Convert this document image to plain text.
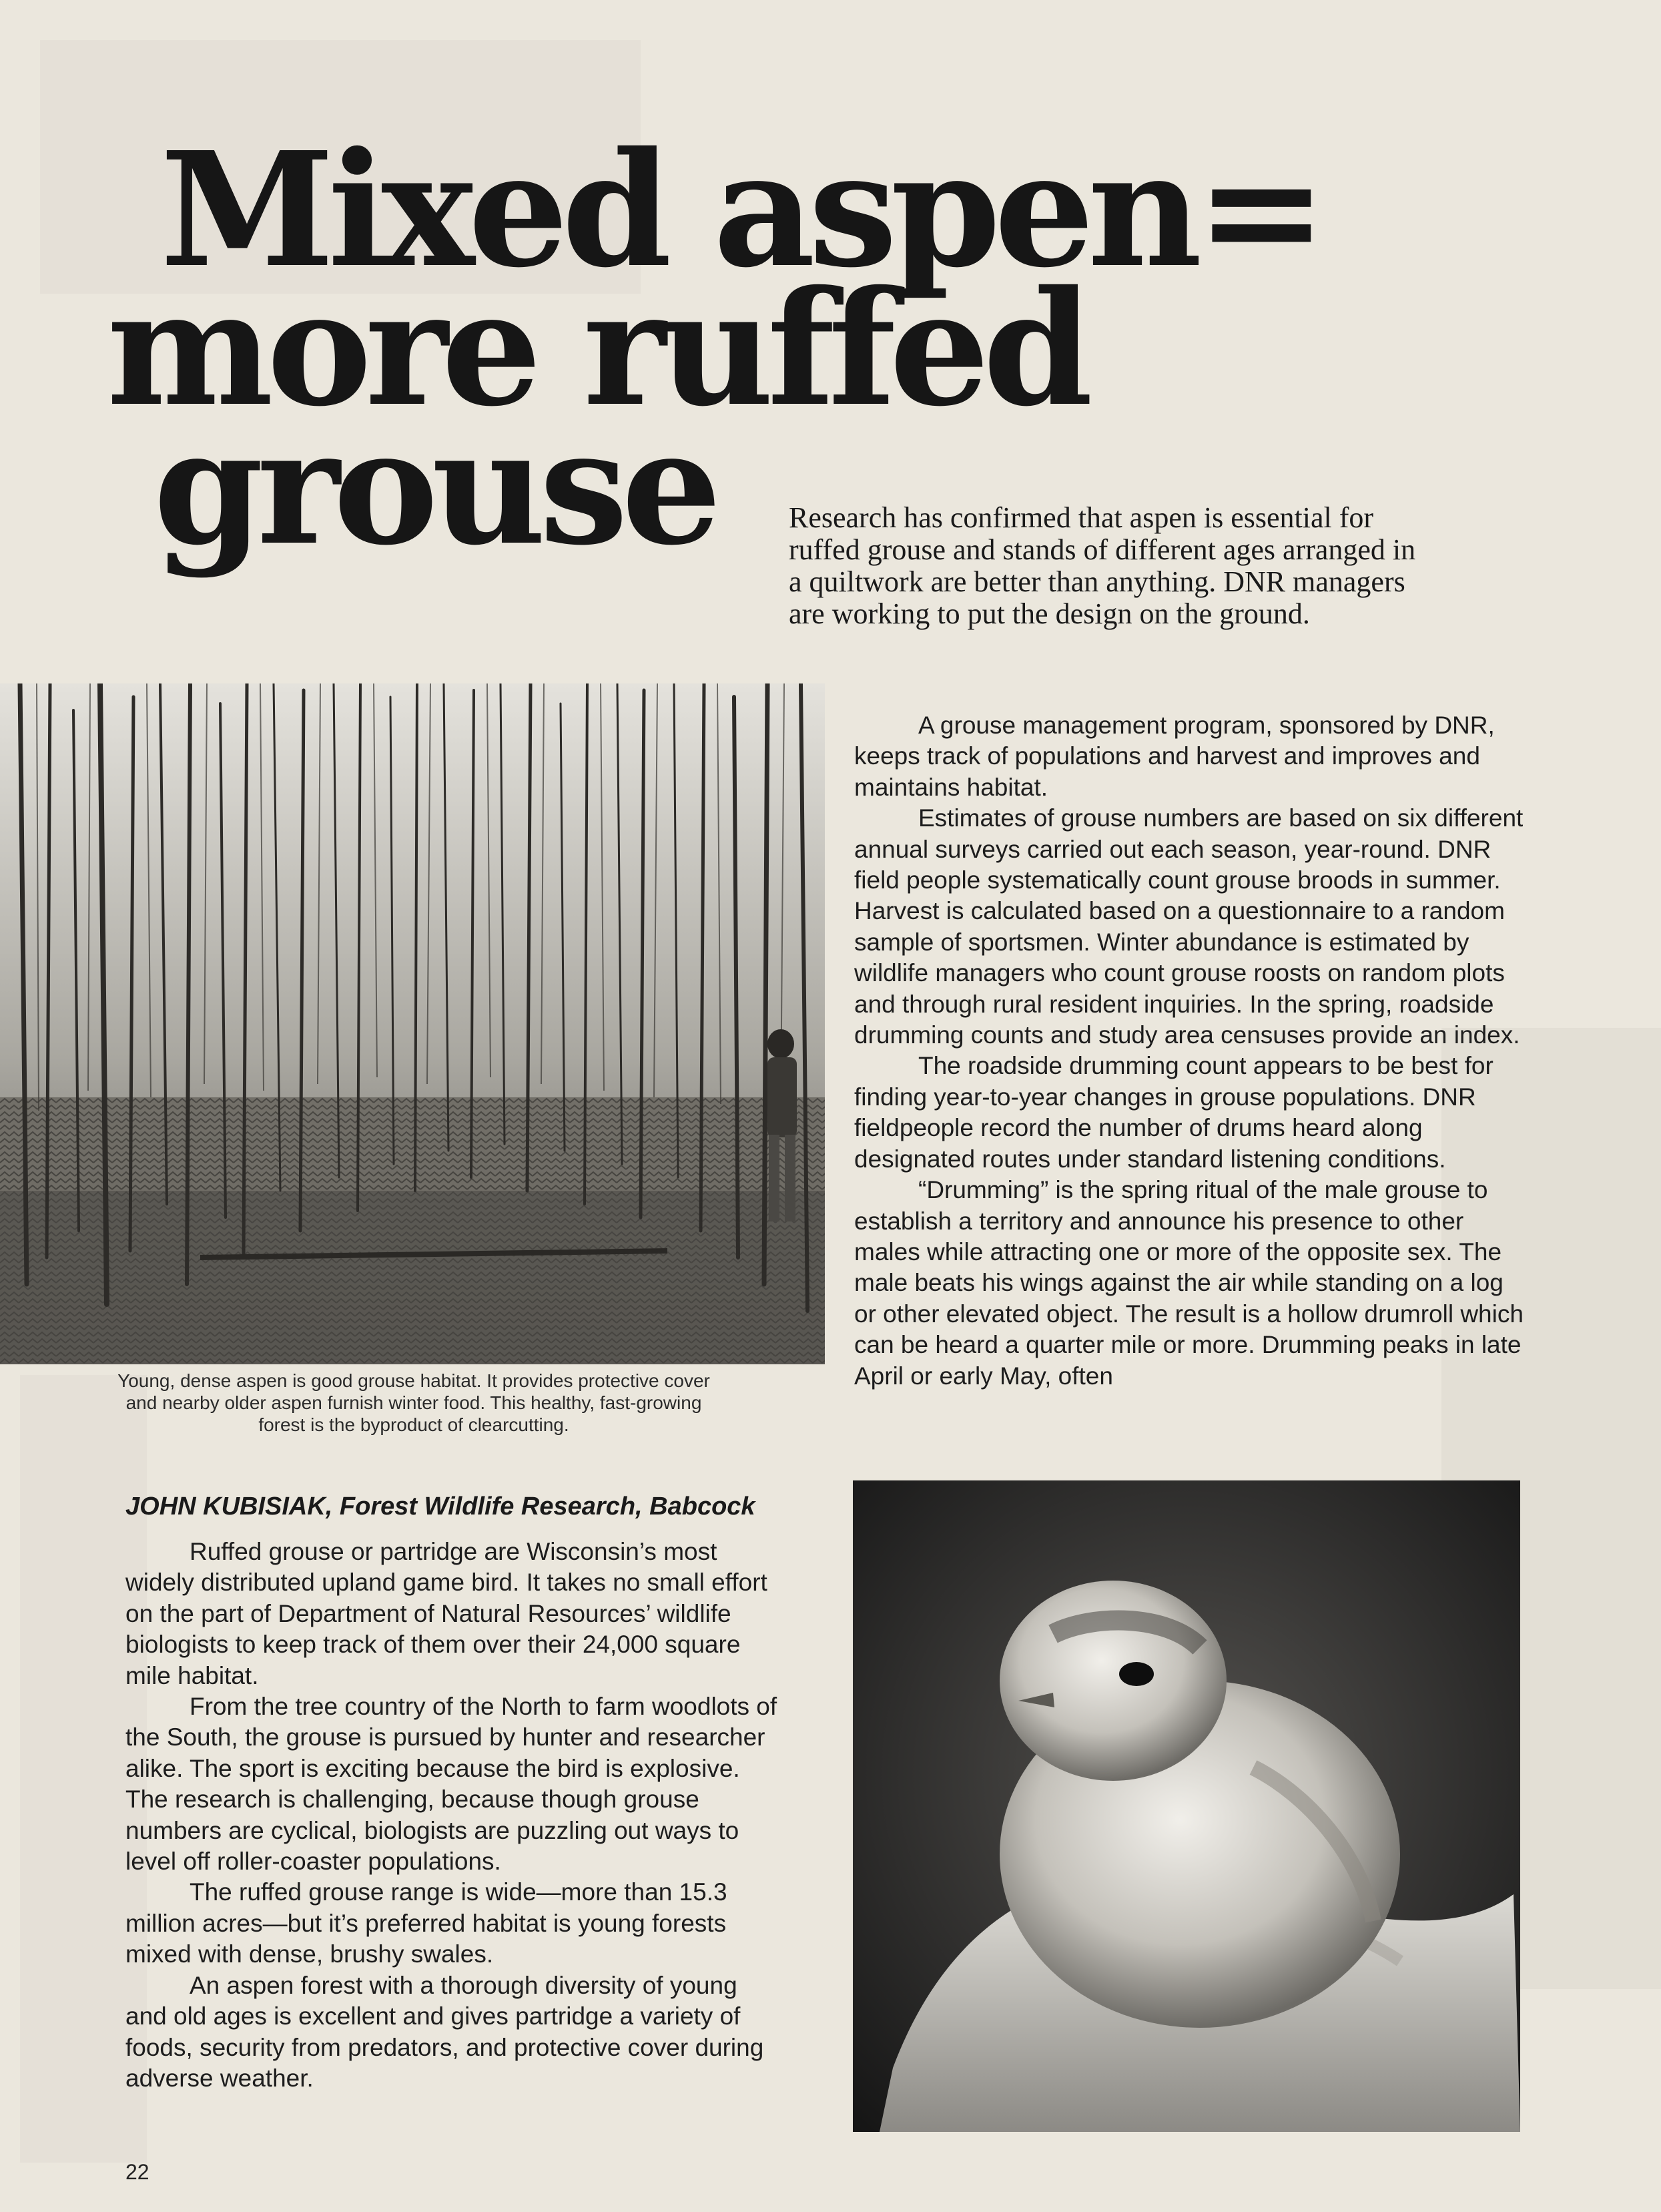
Mixed aspen=
more ruffed
grouse	Research has confirmed that aspen is essential for ruffed grouse and stands of different ages arranged in a quiltwork are better than anything. DNR managers are working to put the design on the ground.
Young, dense aspen is good grouse habitat. It provides protective cover and nearby older aspen furnish winter food. This healthy, fast-growing forest is the byproduct of clearcutting.
JOHN KUBISIAK, Forest Wildlife Research, Babcock

Ruffed grouse or partridge are Wisconsin’s most widely distributed upland game bird. It takes no small effort on the part of Department of Natural Resources’ wildlife biologists to keep track of them over their 24,000 square mile habitat.

From the tree country of the North to farm woodlots of the South, the grouse is pursued by hunter and researcher alike. The sport is exciting because the bird is explosive. The research is challenging, because though grouse numbers are cyclical, biologists are puzzling out ways to level off roller-coaster populations.

The ruffed grouse range is wide—more than 15.3 million acres—but it’s preferred habitat is young forests mixed with dense, brushy swales.

An aspen forest with a thorough diversity of young and old ages is excellent and gives partridge a variety of foods, security from predators, and protective cover during adverse weather.

A grouse management program, sponsored by DNR, keeps track of populations and harvest and improves and maintains habitat.

Estimates of grouse numbers are based on six different annual surveys carried out each season, year-round. DNR field people systematically count grouse broods in summer. Harvest is calculated based on a questionnaire to a random sample of sportsmen. Winter abundance is estimated by wildlife managers who count grouse roosts on random plots and through rural resident inquiries. In the spring, roadside drumming counts and study area censuses provide an index.

The roadside drumming count appears to be best for finding year-to-year changes in grouse populations. DNR fieldpeople record the number of drums heard along designated routes under standard listening conditions.

“Drumming” is the spring ritual of the male grouse to establish a territory and announce his presence to other males while attracting one or more of the opposite sex. The male beats his wings against the air while standing on a log or other elevated object. The result is a hollow drumroll which can be heard a quarter mile or more. Drumming peaks in late April or early May, often

22
